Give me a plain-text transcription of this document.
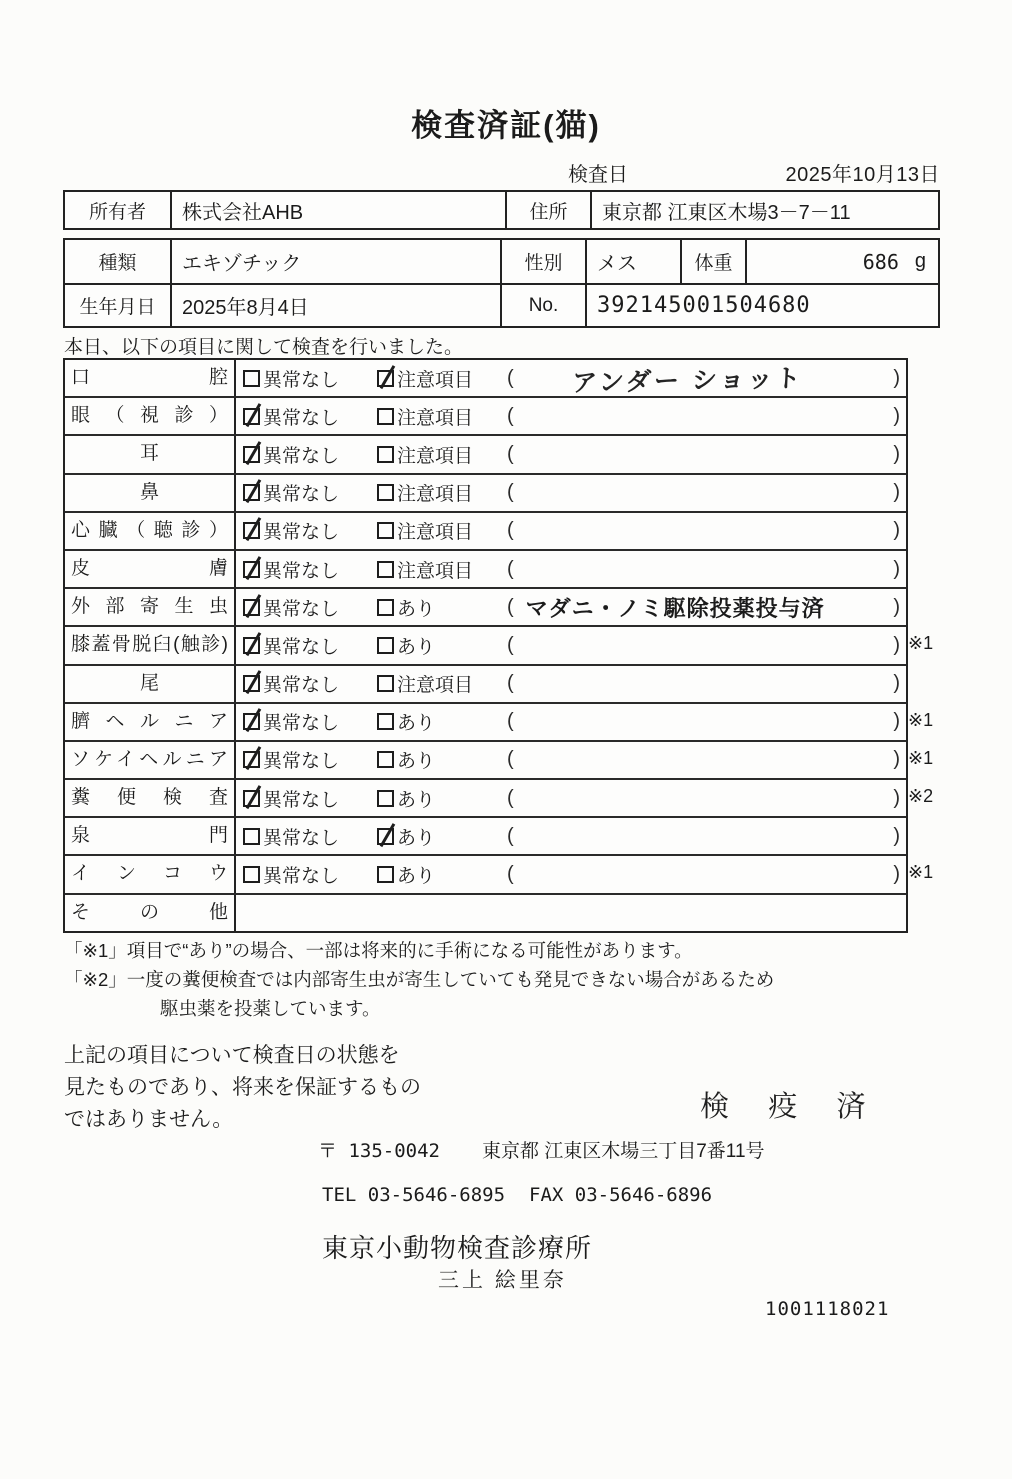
検査済証(猫)
検査日	2025年10月13日
所有者	株式会社AHB	住所	東京都 江東区木場3－7－11
種類	エキゾチック	性別	メス	体重	686 g
生年月日	2025年8月4日	No.	392145001504680
本日、以下の項目に関して検査を行いました。
口腔	異常なし	注意項目 ( アンダー ショット	)
眼（視診）	異常なし	注意項目 (	)
耳	異常なし	注意項目 (	)
鼻	異常なし	注意項目 (	)
心臓（聴診）	異常なし	注意項目 (	)
皮膚	異常なし	注意項目 (	)
外部寄生虫	異常なし	あり	( マダニ・ノミ駆除投薬投与済	)
膝蓋骨脱臼(触診)	異常なし	あり	(	) ※1
尾	異常なし	注意項目 (	)
臍ヘルニア	異常なし	あり	(	) ※1
ソケイヘルニア	異常なし	あり	(	) ※1
糞便検査	異常なし	あり	(	) ※2
泉門	異常なし	あり	(	)
インコウ	異常なし	あり	(	) ※1
その他
「※1」項目で“あり”の場合、一部は将来的に手術になる可能性があります。
「※2」一度の糞便検査では内部寄生虫が寄生していても発見できない場合があるため
駆虫薬を投薬しています。
上記の項目について検査日の状態を
見たものであり、将来を保証するもの
ではありません。	検 疫 済
〒 135-0042 東京都 江東区木場三丁目7番11号
TEL 03-5646-6895 FAX 03-5646-6896
東京小動物検査診療所
三上 絵里奈
1001118021
